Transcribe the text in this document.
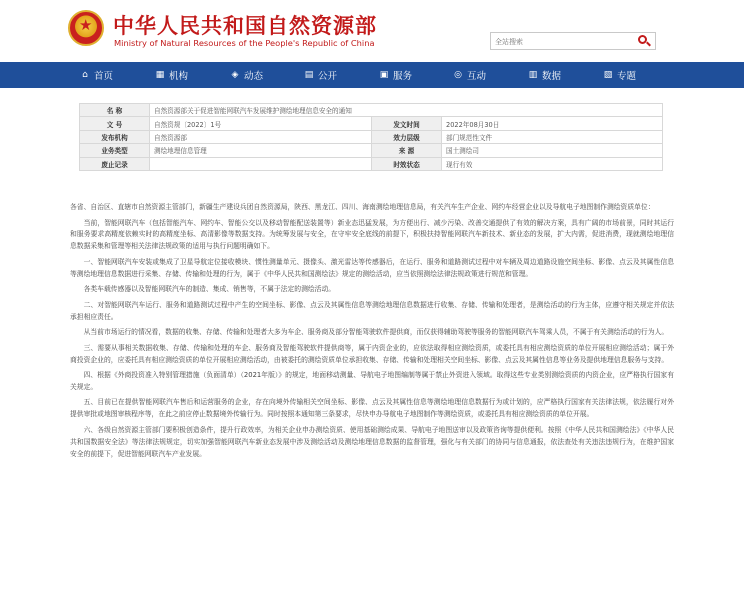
★
中华人民共和国自然资源部
Ministry of Natural Resources of the People's Republic of China
全站搜索
⌂ 首页	▦ 机构	◈ 动态	▤ 公开	▣ 服务	◎ 互动	▥ 数据	▧ 专题
名 称	自然资源部关于促进智能网联汽车发展维护测绘地理信息安全的通知		
文 号	自然资规〔2022〕1号	发文时间	2022年08月30日
发布机构	自然资源部	效力层级	部门规范性文件
业务类型	测绘地理信息管理	来 源	国土测绘司
废止记录		时效状态	现行有效

各省、自治区、直辖市自然资源主管部门，新疆生产建设兵团自然资源局，陕西、黑龙江、四川、海南测绘地理信息局，有关汽车生产企业、网约车经营企业以及导航电子地图制作测绘资质单位：

当前，智能网联汽车（包括智能汽车、网约车、智能公交以及移动智能配送装置等）新业态迅猛发展，为方便出行、减少污染、改善交通提供了有效的解决方案，具有广阔的市场前景，同时其运行和服务要求高精度依赖实时的高精度坐标、高清影像等数据支持。为统筹发展与安全，在守牢安全底线的前提下，积极扶持智能网联汽车新技术、新业态的发展，扩大内需，促进消费，现就测绘地理信息数据采集和管理等相关法律法规政策的适用与执行问题明确如下。

一、智能网联汽车安装或集成了卫星导航定位接收模块、惯性测量单元、摄像头、激光雷达等传感器后，在运行、服务和道路测试过程中对车辆及周边道路设施空间坐标、影像、点云及其属性信息等测绘地理信息数据进行采集、存储、传输和处理的行为，属于《中华人民共和国测绘法》规定的测绘活动，应当依照测绘法律法规政策进行规范和管理。

各类车载传感器以及智能网联汽车的制造、集成、销售等，不属于法定的测绘活动。

二、对智能网联汽车运行、服务和道路测试过程中产生的空间坐标、影像、点云及其属性信息等测绘地理信息数据进行收集、存储、传输和处理者，是测绘活动的行为主体，应遵守相关规定并依法承担相应责任。

从当前市场运行的情况看，数据的收集、存储、传输和处理者大多为车企、服务商及部分智能驾驶软件提供商，而仅获得辅助驾驶等服务的智能网联汽车驾乘人员，不属于有关测绘活动的行为人。

三、需要从事相关数据收集、存储、传输和处理的车企、服务商及智能驾驶软件提供商等，属于内资企业的，应依法取得相应测绘资质，或委托具有相应测绘资质的单位开展相应测绘活动；属于外商投资企业的，应委托具有相应测绘资质的单位开展相应测绘活动，由被委托的测绘资质单位承担收集、存储、传输和处理相关空间坐标、影像、点云及其属性信息等业务及提供地理信息服务与支持。

四、根据《外商投资准入特别管理措施（负面清单）（2021年版）》的规定，地面移动测量、导航电子地图编制等属于禁止外资进入领域。取得这些专业类别测绘资质的内资企业，应严格执行国家有关规定。

五、目前已在提供智能网联汽车售后和运营服务的企业，存在向境外传输相关空间坐标、影像、点云及其属性信息等测绘地理信息数据行为或计划的，应严格执行国家有关法律法规，依法履行对外提供审批或地图审核程序等，在此之前应停止数据境外传输行为。同时按照本通知第三条要求，尽快申办导航电子地图制作等测绘资质，或委托具有相应测绘资质的单位开展。

六、各级自然资源主管部门要积极创造条件，提升行政效率，为相关企业申办测绘资质、使用基础测绘成果、导航电子地图送审以及政策咨询等提供便利。按照《中华人民共和国测绘法》《中华人民共和国数据安全法》等法律法规规定，切实加强智能网联汽车新业态发展中涉及测绘活动及测绘地理信息数据的监督管理，强化与有关部门的协同与信息通报，依法查处有关违法违规行为，在维护国家安全的前提下，促进智能网联汽车产业发展。
